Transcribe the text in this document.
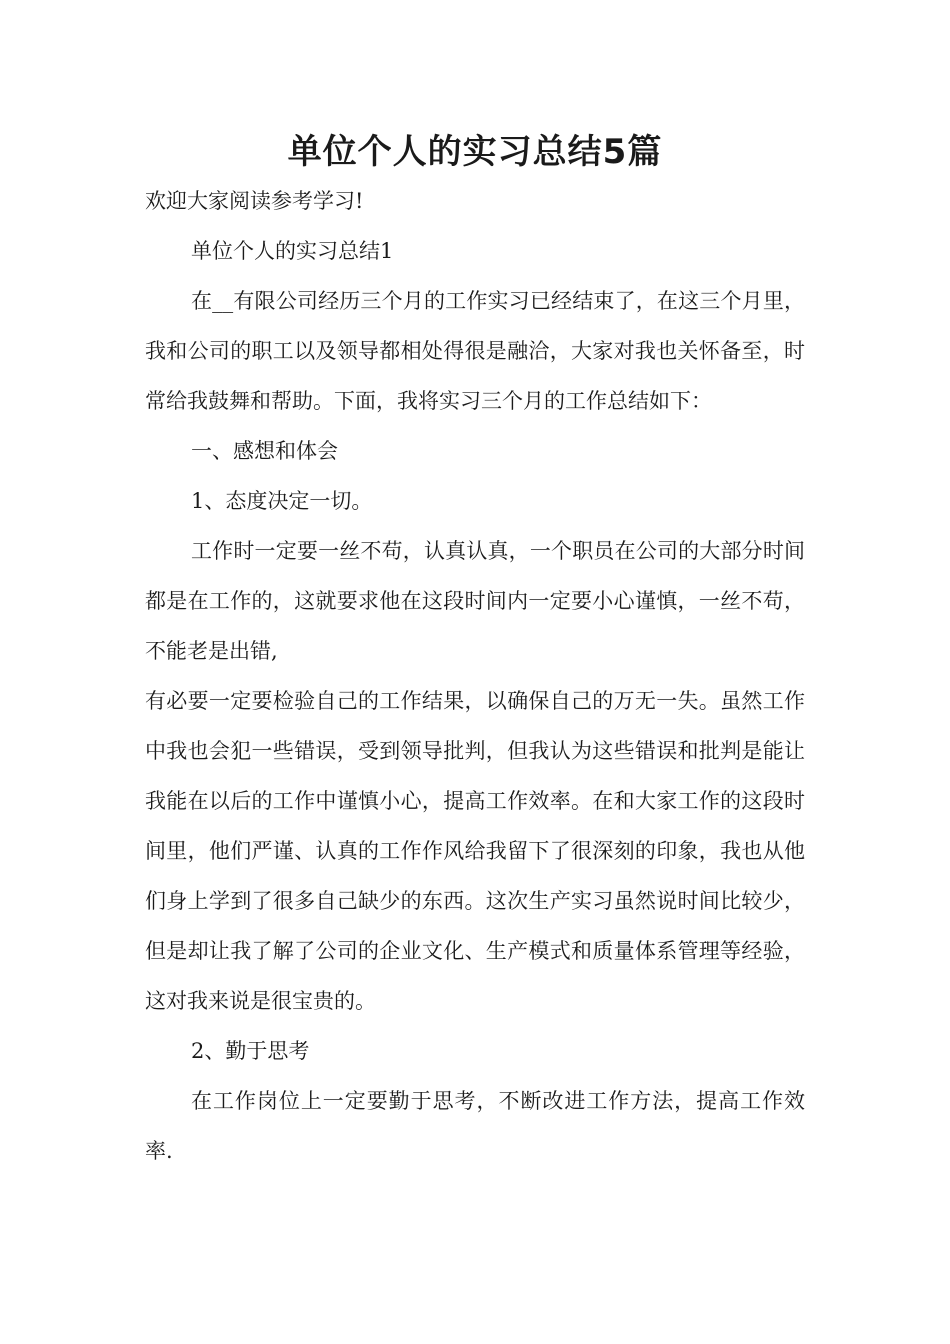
单位个人的实习总结5篇

欢迎大家阅读参考学习!

单位个人的实习总结1

在__有限公司经历三个月的工作实习已经结束了，在这三个月里，我和公司的职工以及领导都相处得很是融洽，大家对我也关怀备至，时常给我鼓舞和帮助。下面，我将实习三个月的工作总结如下：

一、感想和体会

1、态度决定一切。

工作时一定要一丝不苟，认真认真，一个职员在公司的大部分时间都是在工作的，这就要求他在这段时间内一定要小心谨慎，一丝不苟，不能老是出错,

有必要一定要检验自己的工作结果，以确保自己的万无一失。虽然工作中我也会犯一些错误，受到领导批判，但我认为这些错误和批判是能让我能在以后的工作中谨慎小心，提高工作效率。在和大家工作的这段时间里，他们严谨、认真的工作作风给我留下了很深刻的印象，我也从他们身上学到了很多自己缺少的东西。这次生产实习虽然说时间比较少，但是却让我了解了公司的企业文化、生产模式和质量体系管理等经验，这对我来说是很宝贵的。

2、勤于思考

在工作岗位上一定要勤于思考，不断改进工作方法，提高工作效率.
